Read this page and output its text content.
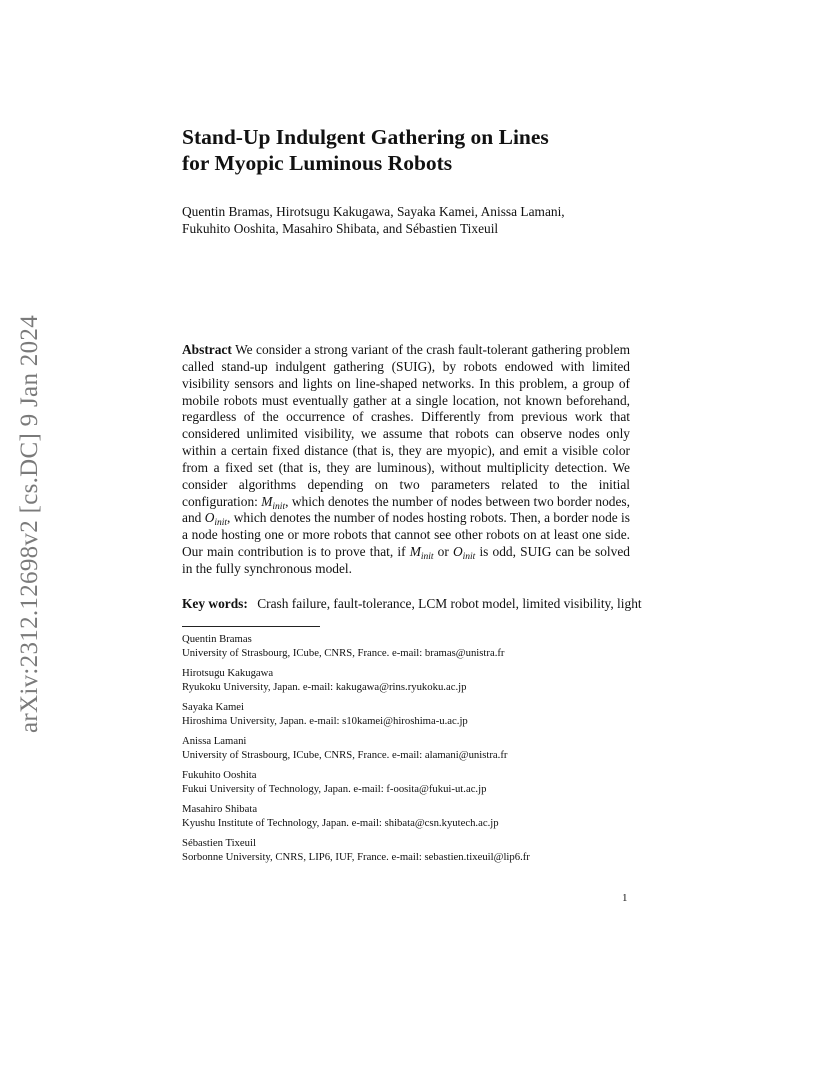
arXiv:2312.12698v2 [cs.DC] 9 Jan 2024
Stand-Up Indulgent Gathering on Lines
for Myopic Luminous Robots
Quentin Bramas, Hirotsugu Kakugawa, Sayaka Kamei, Anissa Lamani,
Fukuhito Ooshita, Masahiro Shibata, and Sébastien Tixeuil
Abstract We consider a strong variant of the crash fault-tolerant gathering problem called stand-up indulgent gathering (SUIG), by robots endowed with limited visibility sensors and lights on line-shaped networks. In this problem, a group of mobile robots must eventually gather at a single location, not known beforehand, regardless of the occurrence of crashes. Differently from previous work that considered unlimited visibility, we assume that robots can observe nodes only within a certain fixed distance (that is, they are myopic), and emit a visible color from a fixed set (that is, they are luminous), without multiplicity detection. We consider algorithms depending on two parameters related to the initial configuration: $M_{init}$, which denotes the number of nodes between two border nodes, and $O_{init}$, which denotes the number of nodes hosting robots. Then, a border node is a node hosting one or more robots that cannot see other robots on at least one side. Our main contribution is to prove that, if $M_{init}$ or $O_{init}$ is odd, SUIG can be solved in the fully synchronous model.
Key words: Crash failure, fault-tolerance, LCM robot model, limited visibility, light
Quentin Bramas
University of Strasbourg, ICube, CNRS, France. e-mail: bramas@unistra.fr
Hirotsugu Kakugawa
Ryukoku University, Japan. e-mail: kakugawa@rins.ryukoku.ac.jp
Sayaka Kamei
Hiroshima University, Japan. e-mail: s10kamei@hiroshima-u.ac.jp
Anissa Lamani
University of Strasbourg, ICube, CNRS, France. e-mail: alamani@unistra.fr
Fukuhito Ooshita
Fukui University of Technology, Japan. e-mail: f-oosita@fukui-ut.ac.jp
Masahiro Shibata
Kyushu Institute of Technology, Japan. e-mail: shibata@csn.kyutech.ac.jp
Sébastien Tixeuil
Sorbonne University, CNRS, LIP6, IUF, France. e-mail: sebastien.tixeuil@lip6.fr
1
